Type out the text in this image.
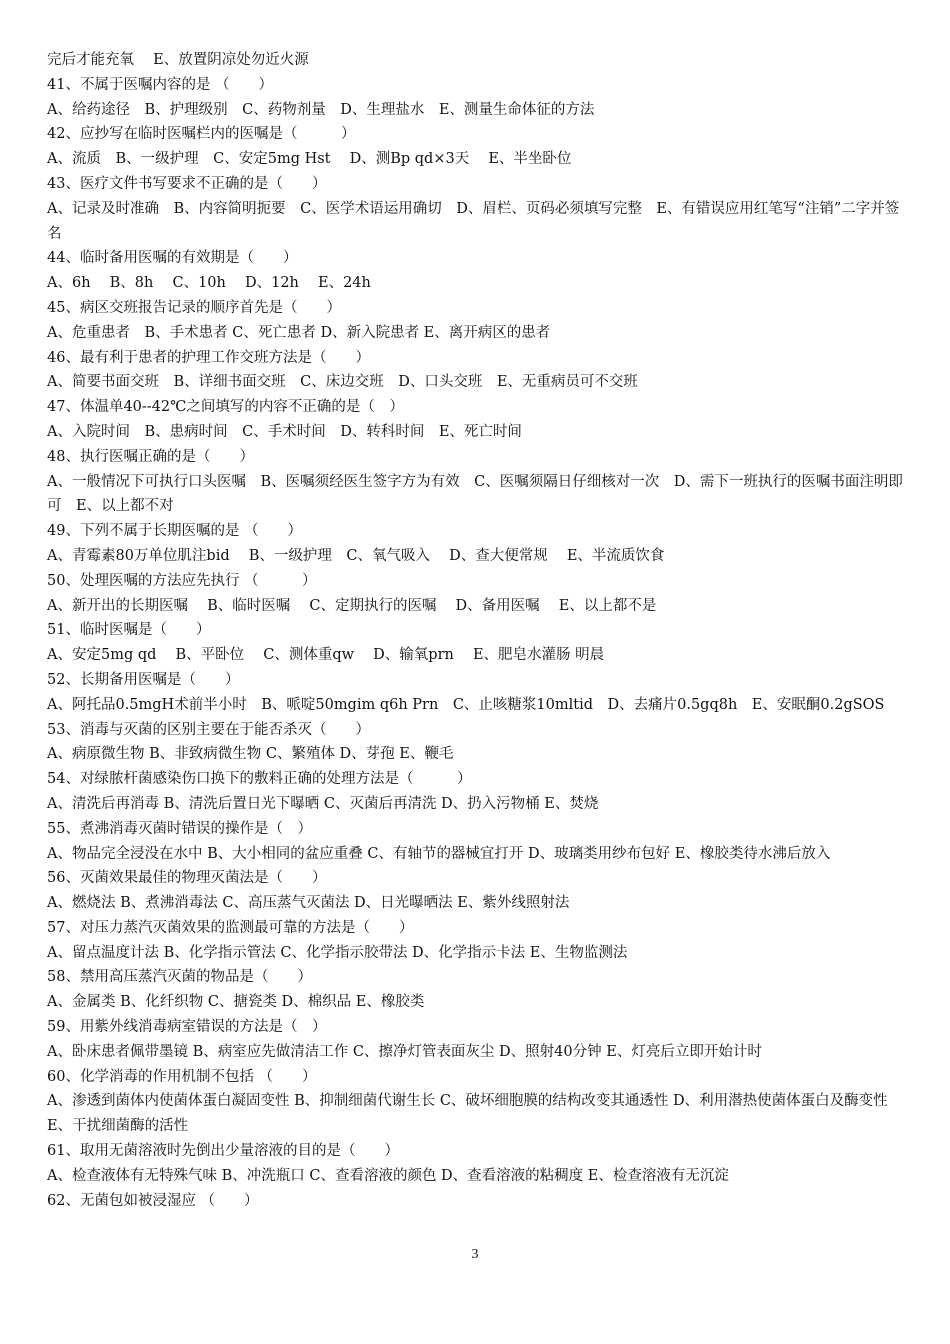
完后才能充氧　 E、放置阴凉处勿近火源

41、不属于医嘱内容的是 （　　）

A、给药途径　B、护理级别　C、药物剂量　D、生理盐水　E、测量生命体征的方法

42、应抄写在临时医嘱栏内的医嘱是（　　　）

A、流质　B、一级护理　C、安定5mg Hst　 D、测Bp qd×3天　 E、半坐卧位

43、医疗文件书写要求不正确的是（　　）

A、记录及时准确　B、内容简明扼要　C、医学术语运用确切　D、眉栏、页码必须填写完整　E、有错误应用红笔写“注销”二字并签名

44、临时备用医嘱的有效期是（　　）

A、6h　 B、8h　 C、10h　 D、12h　 E、24h

45、病区交班报告记录的顺序首先是（　　）

A、危重患者　B、手术患者 C、死亡患者 D、新入院患者 E、离开病区的患者

46、最有利于患者的护理工作交班方法是（　　）

A、简要书面交班　B、详细书面交班　C、床边交班　D、口头交班　E、无重病员可不交班

47、体温单40--42℃之间填写的内容不正确的是（　）

A、入院时间　B、患病时间　C、手术时间　D、转科时间　E、死亡时间

48、执行医嘱正确的是（　　）

A、一般情况下可执行口头医嘱　B、医嘱须经医生签字方为有效　C、医嘱须隔日仔细核对一次　D、需下一班执行的医嘱书面注明即可　E、以上都不对

49、下列不属于长期医嘱的是 （　　）

A、青霉素80万单位肌注bid　 B、一级护理　C、氧气吸入　 D、查大便常规　 E、半流质饮食

50、处理医嘱的方法应先执行 （　　　）

A、新开出的长期医嘱　 B、临时医嘱　 C、定期执行的医嘱　 D、备用医嘱　 E、以上都不是

51、临时医嘱是（　　）

A、安定5mg qd　 B、平卧位　 C、测体重qw　 D、输氧prn　 E、肥皂水灌肠 明晨

52、长期备用医嘱是（　　）

A、阿托品0.5mgH术前半小时　B、哌啶50mgim q6h Prn　C、止咳糖浆10mltid　D、去痛片0.5gq8h　E、安眠酮0.2gSOS

53、消毒与灭菌的区别主要在于能否杀灭（　　）

A、病原微生物 B、非致病微生物 C、繁殖体 D、芽孢 E、鞭毛

54、对绿脓杆菌感染伤口换下的敷料正确的处理方法是（　　　）

A、清洗后再消毒 B、清洗后置日光下曝晒 C、灭菌后再清洗 D、扔入污物桶 E、焚烧

55、煮沸消毒灭菌时错误的操作是（　）

A、物品完全浸没在水中 B、大小相同的盆应重叠 C、有轴节的器械宜打开 D、玻璃类用纱布包好 E、橡胶类待水沸后放入

56、灭菌效果最佳的物理灭菌法是（　　）

A、燃烧法 B、煮沸消毒法 C、高压蒸气灭菌法 D、日光曝晒法 E、紫外线照射法

57、对压力蒸汽灭菌效果的监测最可靠的方法是（　　）

A、留点温度计法 B、化学指示管法 C、化学指示胶带法 D、化学指示卡法 E、生物监测法

58、禁用高压蒸汽灭菌的物品是（　　）

A、金属类 B、化纤织物 C、搪瓷类 D、棉织品 E、橡胶类

59、用紫外线消毒病室错误的方法是（　）

A、卧床患者佩带墨镜 B、病室应先做清洁工作 C、擦净灯管表面灰尘 D、照射40分钟 E、灯亮后立即开始计时

60、化学消毒的作用机制不包括 （　　）

A、渗透到菌体内使菌体蛋白凝固变性 B、抑制细菌代谢生长 C、破坏细胞膜的结构改变其通透性 D、利用潜热使菌体蛋白及酶变性 E、干扰细菌酶的活性

61、取用无菌溶液时先倒出少量溶液的目的是（　　）

A、检查液体有无特殊气味 B、冲洗瓶口 C、查看溶液的颜色 D、查看溶液的粘稠度 E、检查溶液有无沉淀

62、无菌包如被浸湿应 （　　）

3
